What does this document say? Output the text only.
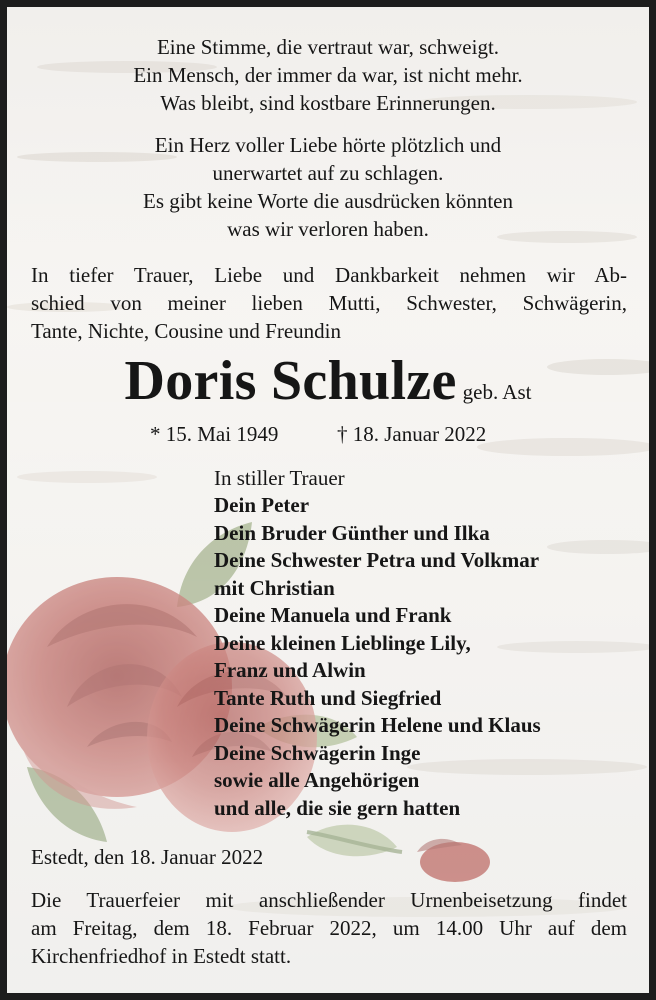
Eine Stimme, die vertraut war, schweigt.
Ein Mensch, der immer da war, ist nicht mehr.
Was bleibt, sind kostbare Erinnerungen.
Ein Herz voller Liebe hörte plötzlich und
unerwartet auf zu schlagen.
Es gibt keine Worte die ausdrücken könnten
was wir verloren haben.
In tiefer Trauer, Liebe und Dankbarkeit nehmen wir Ab-
schied von meiner lieben Mutti, Schwester, Schwägerin,
Tante, Nichte, Cousine und Freundin
Doris Schulze geb. Ast
* 15. Mai 1949	† 18. Januar 2022
In stiller Trauer
Dein Peter
Dein Bruder Günther und Ilka
Deine Schwester Petra und Volkmar
mit Christian
Deine Manuela und Frank
Deine kleinen Lieblinge Lily,
Franz und Alwin
Tante Ruth und Siegfried
Deine Schwägerin Helene und Klaus
Deine Schwägerin Inge
sowie alle Angehörigen
und alle, die sie gern hatten
Estedt, den 18. Januar 2022
Die Trauerfeier mit anschließender Urnenbeisetzung findet
am Freitag, dem 18. Februar 2022, um 14.00 Uhr auf dem
Kirchenfriedhof in Estedt statt.
